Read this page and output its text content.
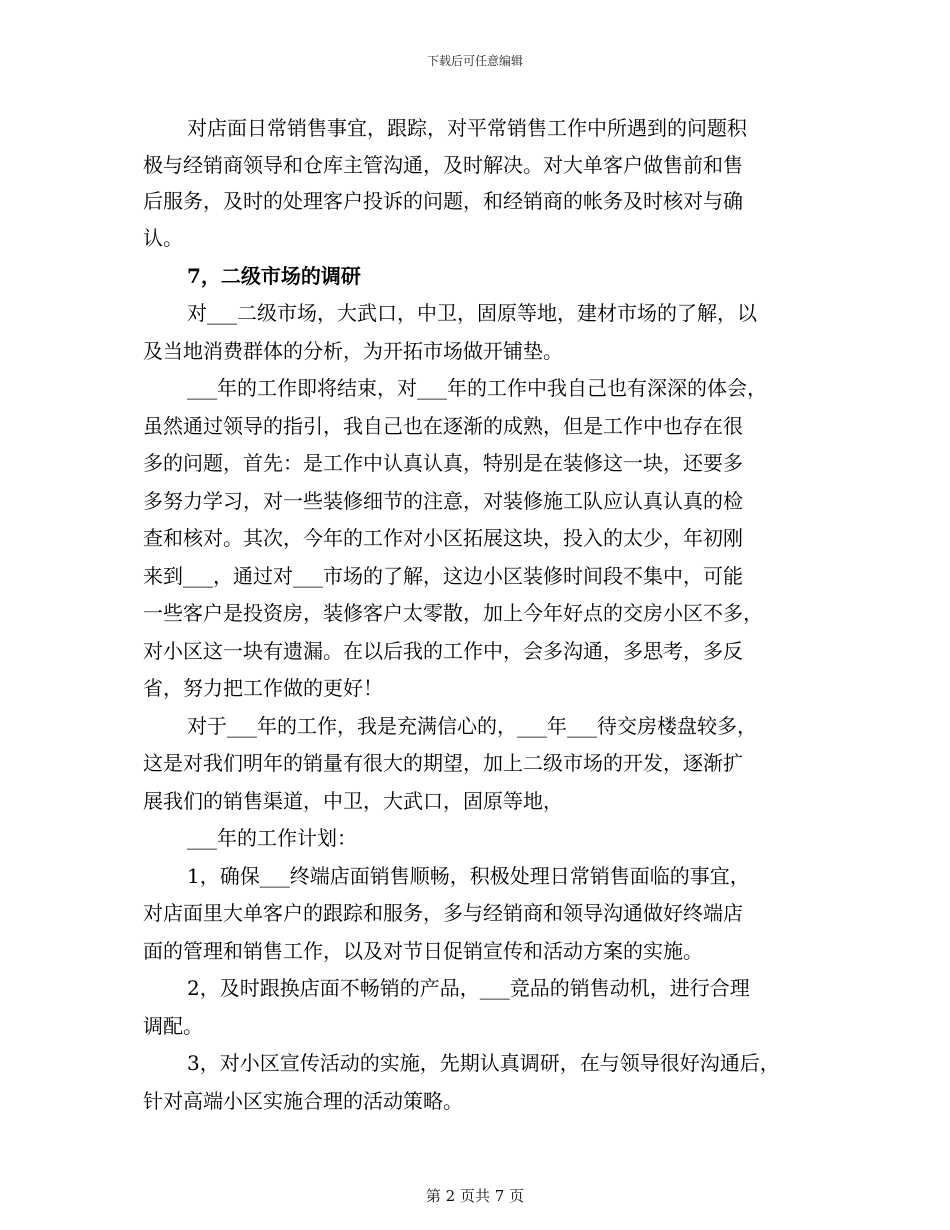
下载后可任意编辑
对店面日常销售事宜，跟踪，对平常销售工作中所遇到的问题积
极与经销商领导和仓库主管沟通，及时解决。对大单客户做售前和售
后服务，及时的处理客户投诉的问题，和经销商的帐务及时核对与确
认。
7，二级市场的调研
对___二级市场，大武口，中卫，固原等地，建材市场的了解，以
及当地消费群体的分析，为开拓市场做开铺垫。
___年的工作即将结束，对___年的工作中我自己也有深深的体会，
虽然通过领导的指引，我自己也在逐渐的成熟，但是工作中也存在很
多的问题，首先：是工作中认真认真，特别是在装修这一块，还要多
多努力学习，对一些装修细节的注意，对装修施工队应认真认真的检
查和核对。其次，今年的工作对小区拓展这块，投入的太少，年初刚
来到___，通过对___市场的了解，这边小区装修时间段不集中，可能
一些客户是投资房，装修客户太零散，加上今年好点的交房小区不多，
对小区这一块有遗漏。在以后我的工作中，会多沟通，多思考，多反
省，努力把工作做的更好！
对于___年的工作，我是充满信心的，___年___待交房楼盘较多，
这是对我们明年的销量有很大的期望，加上二级市场的开发，逐渐扩
展我们的销售渠道，中卫，大武口，固原等地，
___年的工作计划：
1，确保___终端店面销售顺畅，积极处理日常销售面临的事宜，
对店面里大单客户的跟踪和服务，多与经销商和领导沟通做好终端店
面的管理和销售工作，以及对节日促销宣传和活动方案的实施。
2，及时跟换店面不畅销的产品，___竞品的销售动机，进行合理
调配。
3，对小区宣传活动的实施，先期认真调研，在与领导很好沟通后，
针对高端小区实施合理的活动策略。
第 2 页共 7 页
